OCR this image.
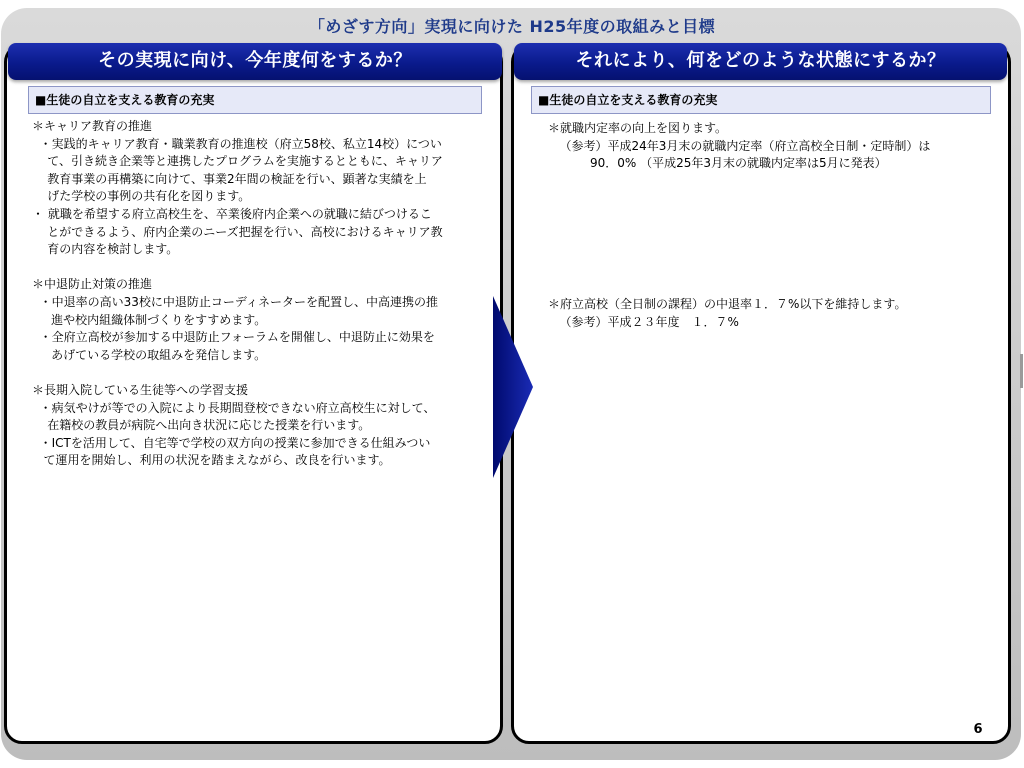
「めざす方向」実現に向けた H25年度の取組みと目標
その実現に向け、今年度何をするか？	それにより、何をどのような状態にするか？
■生徒の自立を支える教育の充実	■生徒の自立を支える教育の充実
＊キャリア教育の推進
・実践的キャリア教育・職業教育の推進校（府立58校、私立14校）につい
て、引き続き企業等と連携したプログラムを実施するとともに、キャリア
教育事業の再構築に向けて、事業2年間の検証を行い、顕著な実績を上
げた学校の事例の共有化を図ります。
・ 就職を希望する府立高校生を、卒業後府内企業への就職に結びつけるこ
とができるよう、府内企業のニーズ把握を行い、高校におけるキャリア教
育の内容を検討します。
＊中退防止対策の推進
・中退率の高い33校に中退防止コーディネーターを配置し、中高連携の推
進や校内組織体制づくりをすすめます。
・全府立高校が参加する中退防止フォーラムを開催し、中退防止に効果を
あげている学校の取組みを発信します。
＊長期入院している生徒等への学習支援
・病気やけが等での入院により長期間登校できない府立高校生に対して、
在籍校の教員が病院へ出向き状況に応じた授業を行います。
・ICTを活用して、自宅等で学校の双方向の授業に参加できる仕組みつい
て運用を開始し、利用の状況を踏まえながら、改良を行います。
＊就職内定率の向上を図ります。
（参考）平成24年3月末の就職内定率（府立高校全日制・定時制）は
90．0% （平成25年3月末の就職内定率は5月に発表）
＊府立高校（全日制の課程）の中退率１．７%以下を維持します。
（参考）平成２３年度　１．７%
6
